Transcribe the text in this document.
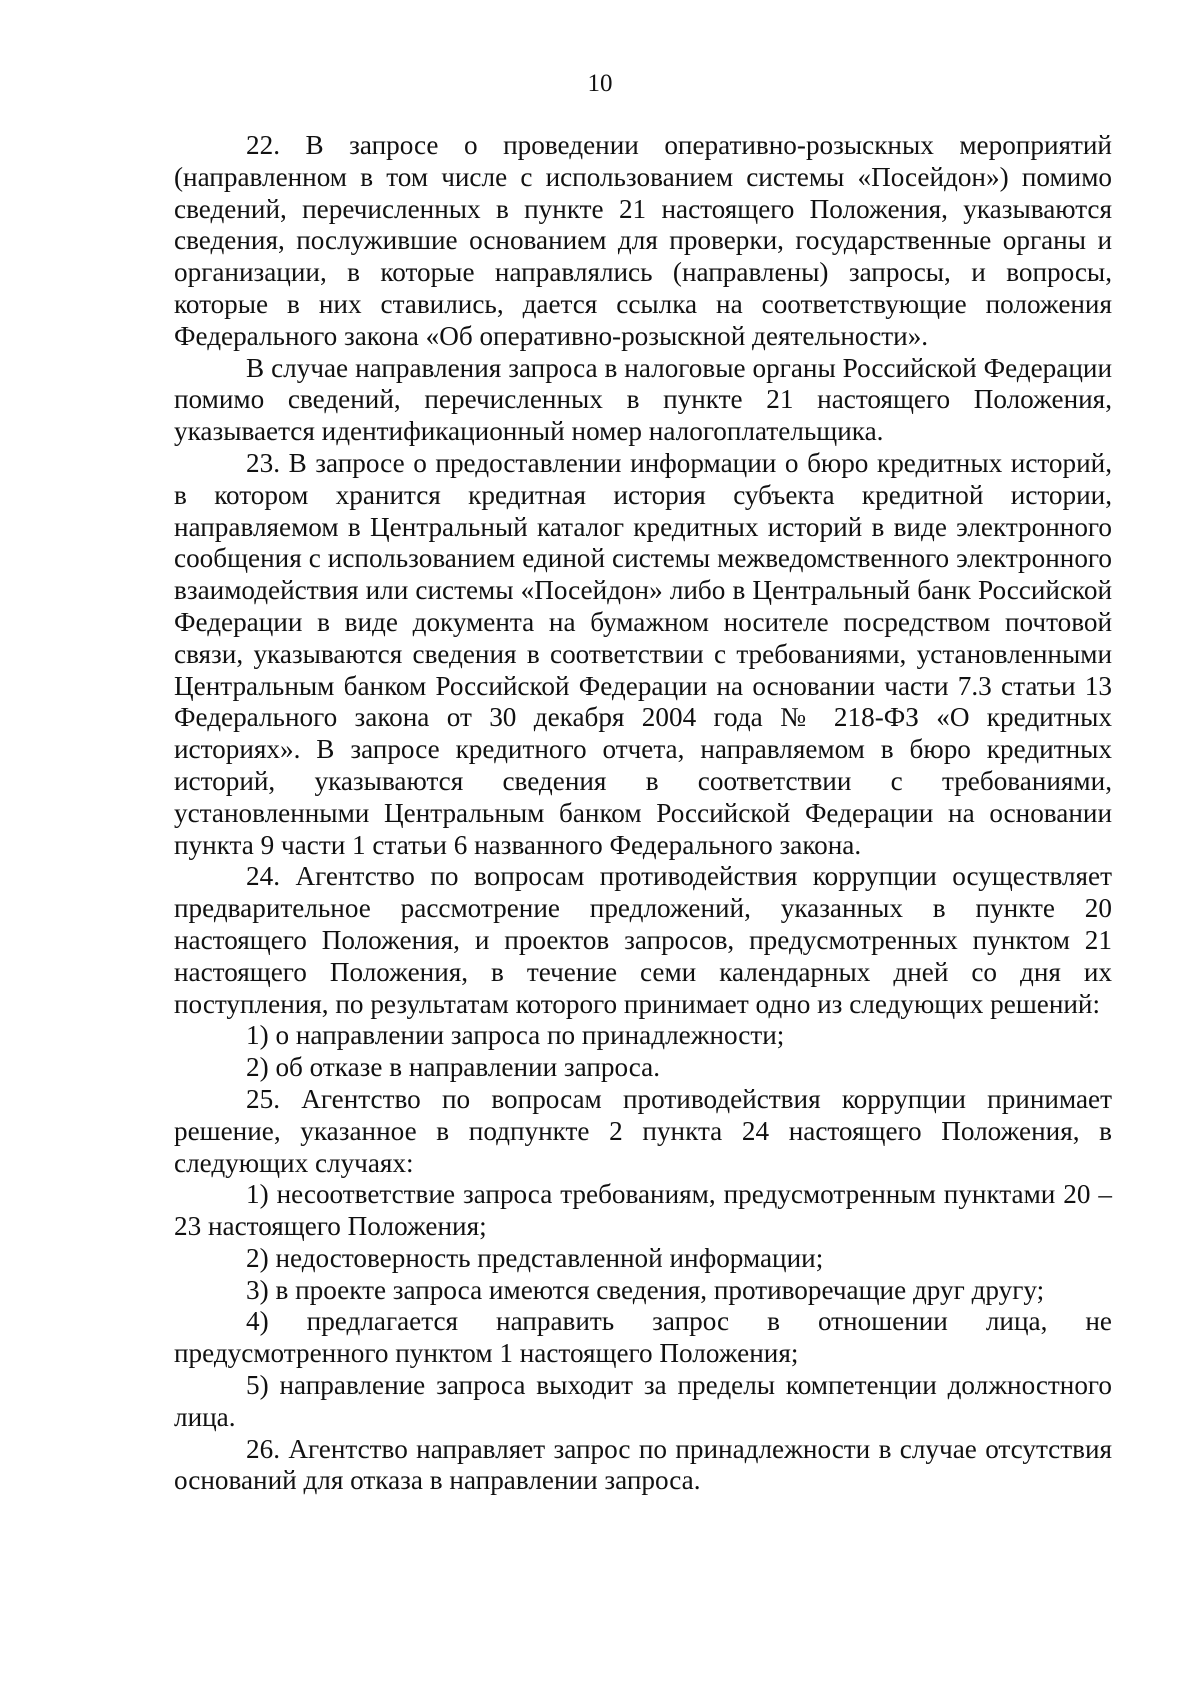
10

22. В запросе о проведении оперативно-розыскных мероприятий (направленном в том числе с использованием системы «Посейдон») помимо сведений, перечисленных в пункте 21 настоящего Положения, указываются сведения, послужившие основанием для проверки, государственные органы и организации, в которые направлялись (направлены) запросы, и вопросы, которые в них ставились, дается ссылка на соответствующие положения Федерального закона «Об оперативно-розыскной деятельности».

В случае направления запроса в налоговые органы Российской Федерации помимо сведений, перечисленных в пункте 21 настоящего Положения, указывается идентификационный номер налогоплательщика.

23. В запросе о предоставлении информации о бюро кредитных историй, в котором хранится кредитная история субъекта кредитной истории, направляемом в Центральный каталог кредитных историй в виде электронного сообщения с использованием единой системы межведомственного электронного взаимодействия или системы «Посейдон» либо в Центральный банк Российской Федерации в виде документа на бумажном носителе посредством почтовой связи, указываются сведения в соответствии с требованиями, установленными Центральным банком Российской Федерации на основании части 7.3 статьи 13 Федерального закона от 30 декабря 2004 года № 218-ФЗ «О кредитных историях». В запросе кредитного отчета, направляемом в бюро кредитных историй, указываются сведения в соответствии с требованиями, установленными Центральным банком Российской Федерации на основании пункта 9 части 1 статьи 6 названного Федерального закона.

24. Агентство по вопросам противодействия коррупции осуществляет предварительное рассмотрение предложений, указанных в пункте 20 настоящего Положения, и проектов запросов, предусмотренных пунктом 21 настоящего Положения, в течение семи календарных дней со дня их поступления, по результатам которого принимает одно из следующих решений:

1) о направлении запроса по принадлежности;

2) об отказе в направлении запроса.

25. Агентство по вопросам противодействия коррупции принимает решение, указанное в подпункте 2 пункта 24 настоящего Положения, в следующих случаях:

1) несоответствие запроса требованиям, предусмотренным пунктами 20 – 23 настоящего Положения;

2) недостоверность представленной информации;

3) в проекте запроса имеются сведения, противоречащие друг другу;

4) предлагается направить запрос в отношении лица, не предусмотренного пунктом 1 настоящего Положения;

5) направление запроса выходит за пределы компетенции должностного лица.

26. Агентство направляет запрос по принадлежности в случае отсутствия оснований для отказа в направлении запроса.
